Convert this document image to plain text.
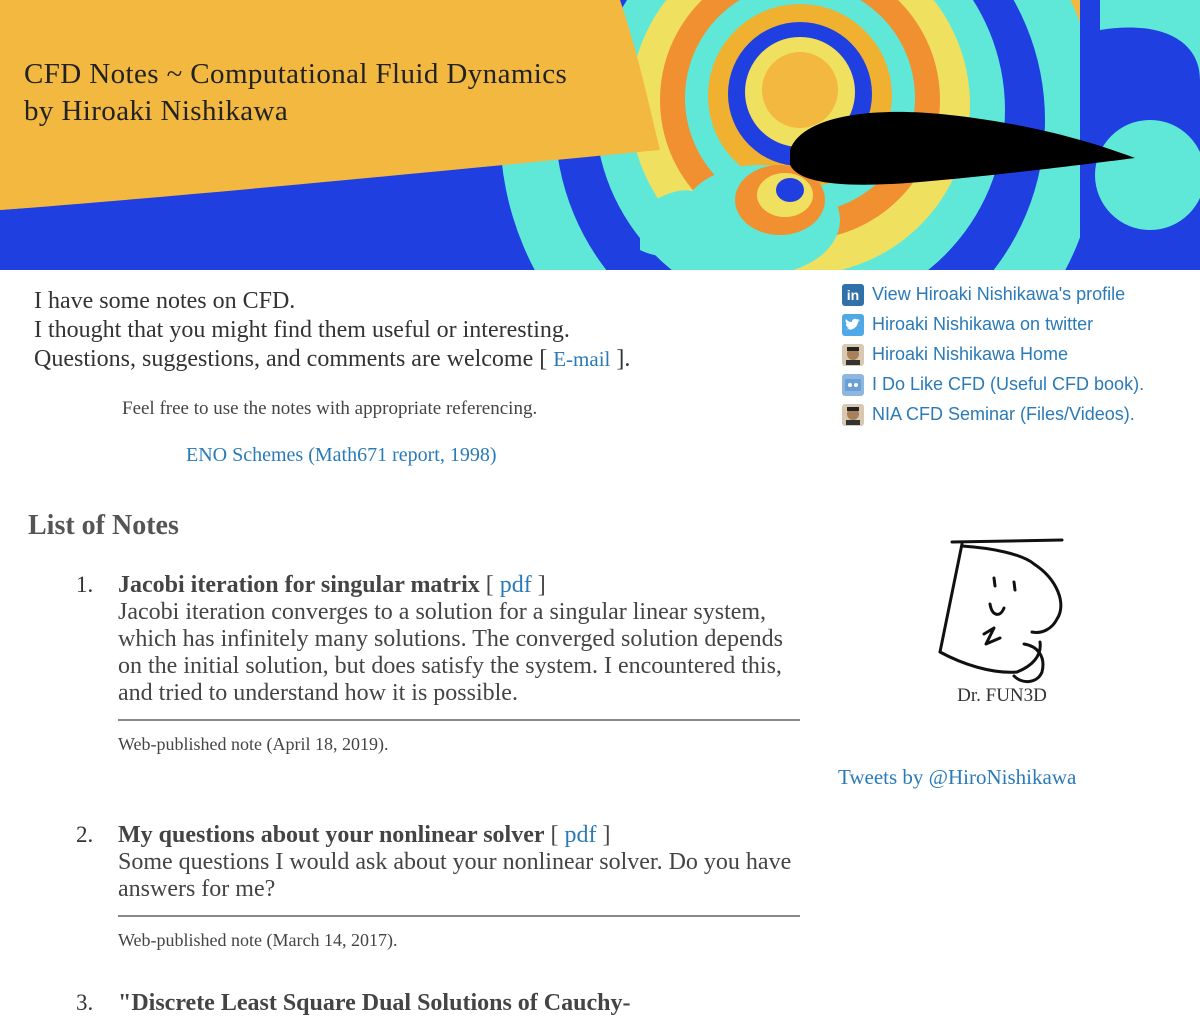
CFD Notes ~ Computational Fluid Dynamics
by Hiroaki Nishikawa
I have some notes on CFD.
I thought that you might find them useful or interesting.
Questions, suggestions, and comments are welcome [ E-mail ].
Feel free to use the notes with appropriate referencing.
ENO Schemes (Math671 report, 1998)
in View Hiroaki Nishikawa's profile
Hiroaki Nishikawa on twitter
Hiroaki Nishikawa Home
I Do Like CFD (Useful CFD book).
NIA CFD Seminar (Files/Videos).
List of Notes
1.	Jacobi iteration for singular matrix [ pdf ]
Jacobi iteration converges to a solution for a singular linear system, which has infinitely many solutions. The converged solution depends on the initial solution, but does satisfy the system. I encountered this, and tried to understand how it is possible.
Web-published note (April 18, 2019).
2.	My questions about your nonlinear solver [ pdf ]
Some questions I would ask about your nonlinear solver. Do you have answers for me?
Web-published note (March 14, 2017).
3.	"Discrete Least Square Dual Solutions of Cauchy-
Dr. FUN3D
Tweets by @HiroNishikawa
